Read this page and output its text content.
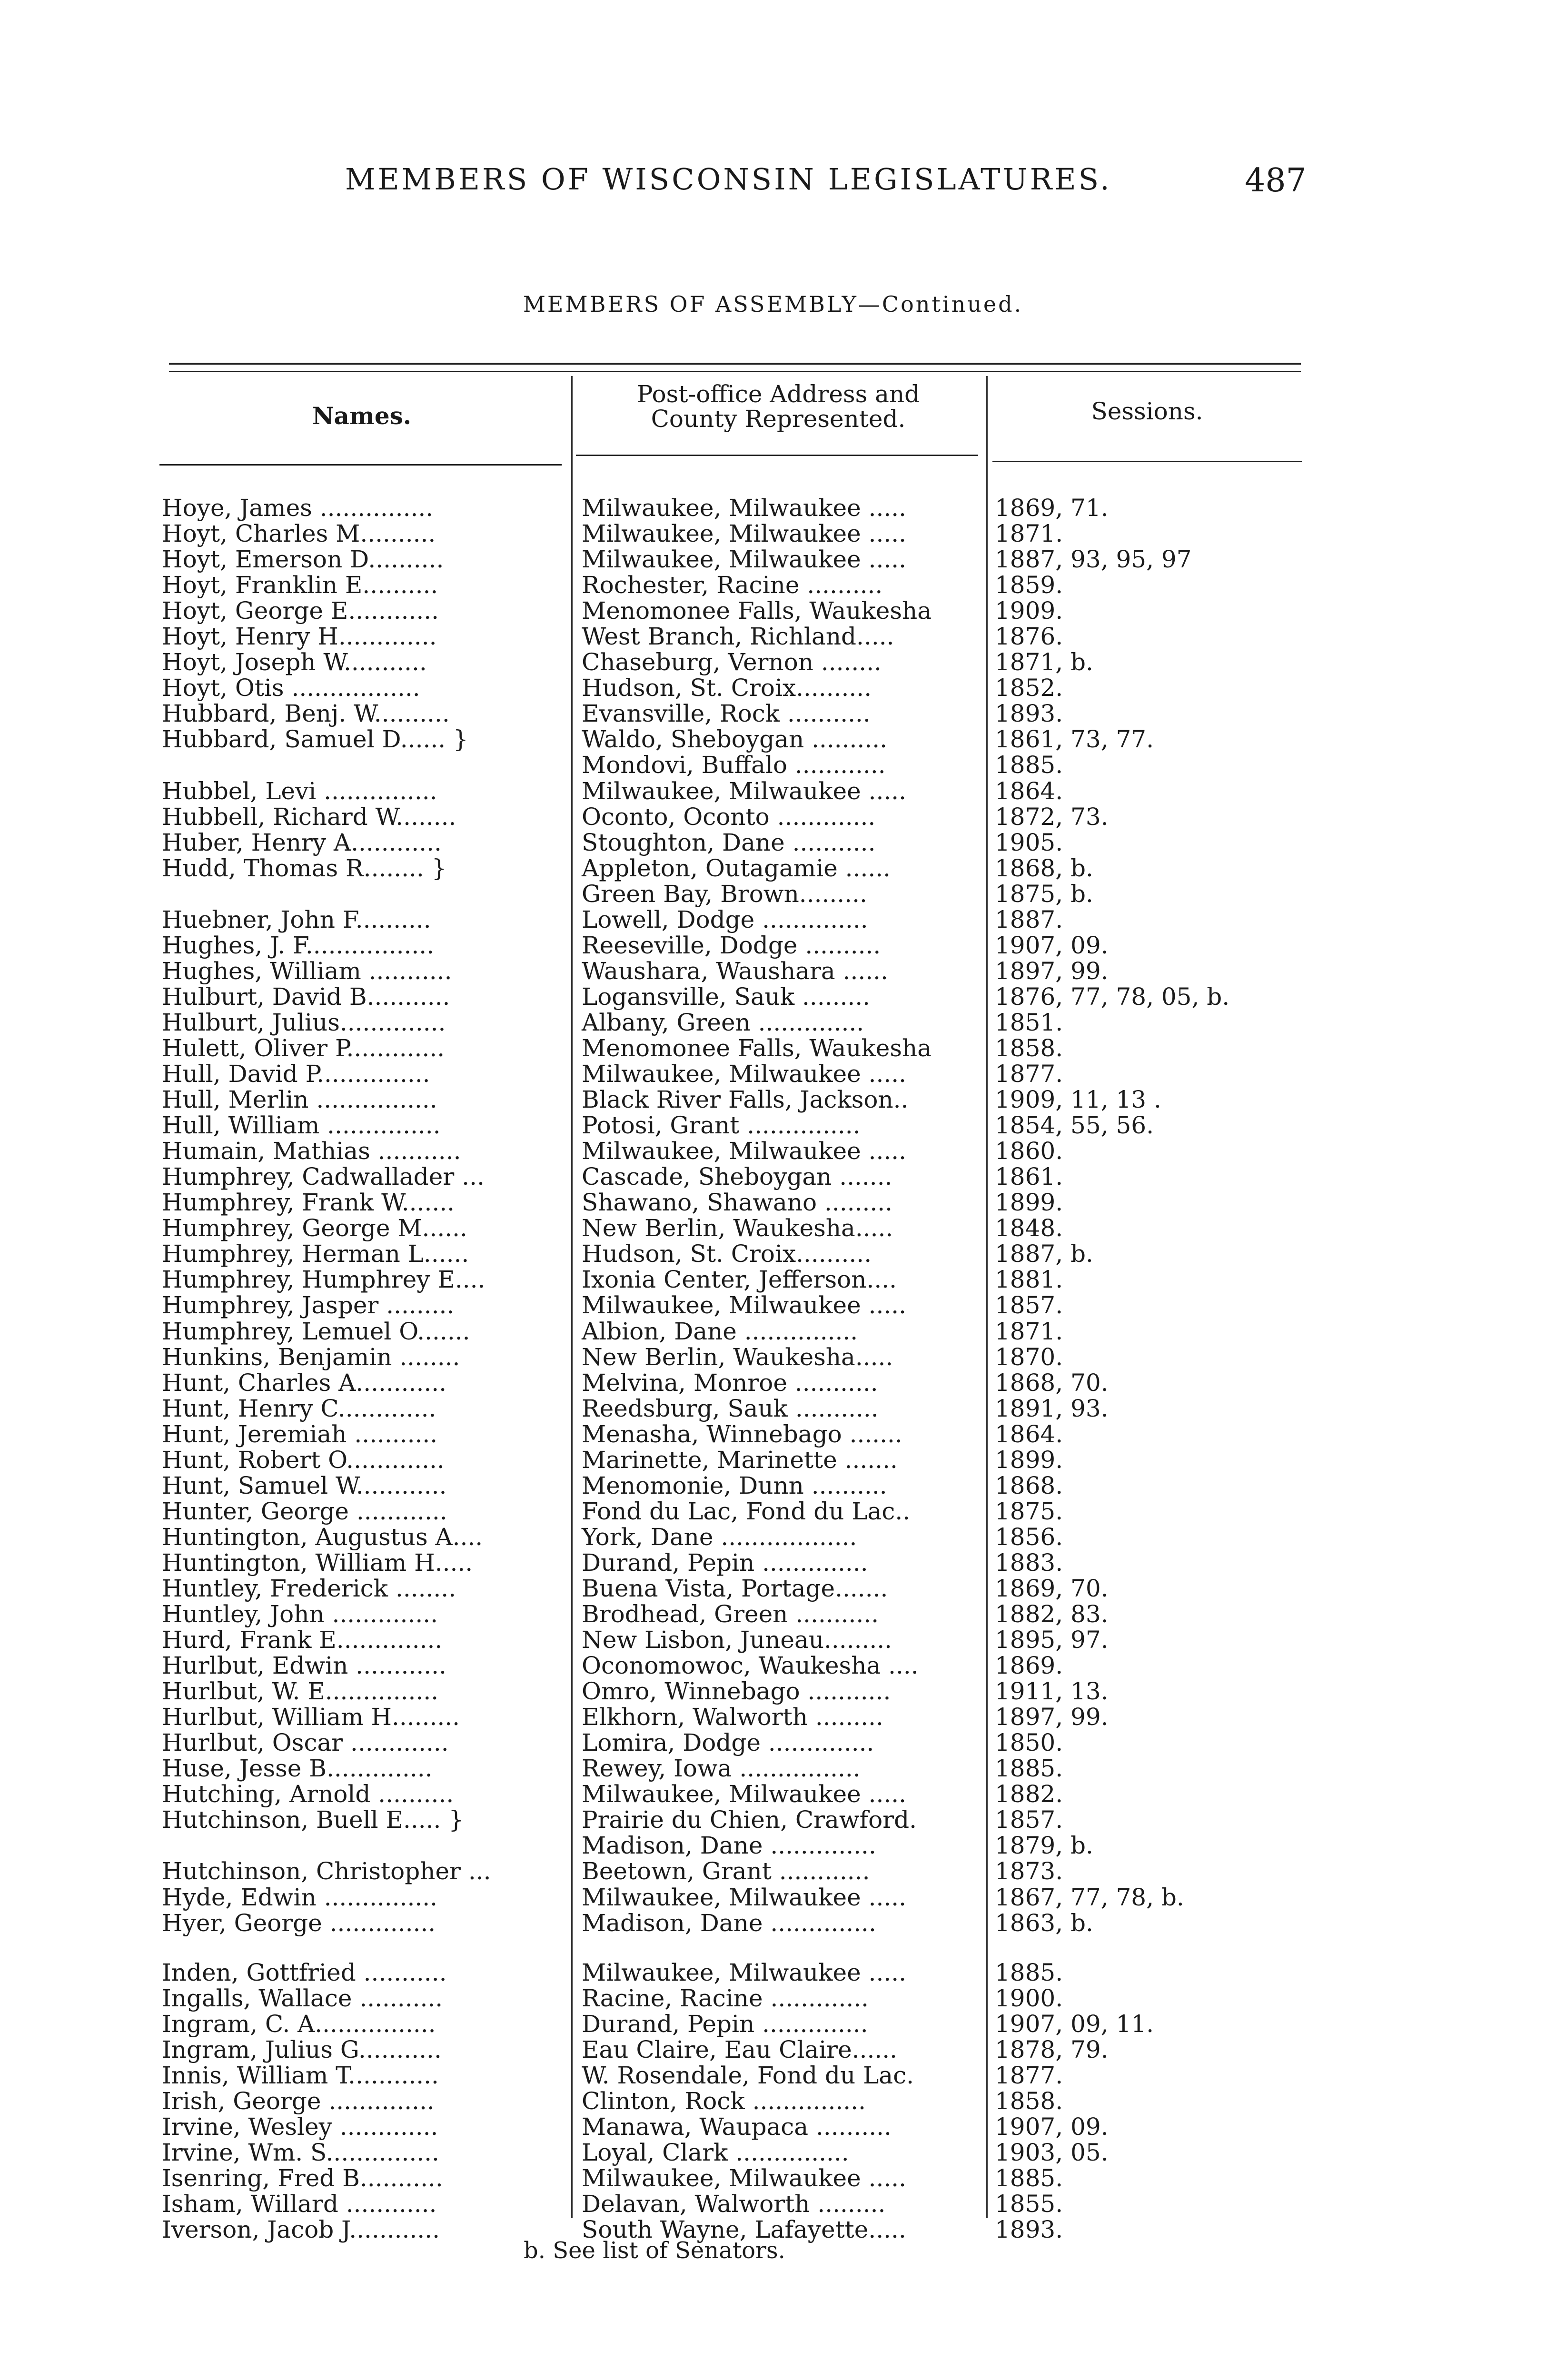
MEMBERS OF WISCONSIN LEGISLATURES.	487
MEMBERS OF ASSEMBLY—Continued.
Names.
Post-office Address and
County Represented.	Sessions.
Hoye, James ...............	Milwaukee, Milwaukee .....	1869, 71.
Hoyt, Charles M..........	Milwaukee, Milwaukee .....	1871.
Hoyt, Emerson D..........	Milwaukee, Milwaukee .....	1887, 93, 95, 97
Hoyt, Franklin E..........	Rochester, Racine ..........	1859.
Hoyt, George E............	Menomonee Falls, Waukesha	1909.
Hoyt, Henry H.............	West Branch, Richland.....	1876.
Hoyt, Joseph W...........	Chaseburg, Vernon ........	1871, b.
Hoyt, Otis .................	Hudson, St. Croix..........	1852.
Hubbard, Benj. W..........	Evansville, Rock ...........	1893.
Hubbard, Samuel D...... }	Waldo, Sheboygan ..........	1861, 73, 77.
Mondovi, Buffalo ............	1885.
Hubbel, Levi ...............	Milwaukee, Milwaukee .....	1864.
Hubbell, Richard W........	Oconto, Oconto .............	1872, 73.
Huber, Henry A............	Stoughton, Dane ...........	1905.
Hudd, Thomas R........ }	Appleton, Outagamie ......	1868, b.
Green Bay, Brown.........	1875, b.
Huebner, John F..........	Lowell, Dodge ..............	1887.
Hughes, J. F.................	Reeseville, Dodge ..........	1907, 09.
Hughes, William ...........	Waushara, Waushara ......	1897, 99.
Hulburt, David B...........	Logansville, Sauk .........	1876, 77, 78, 05, b.
Hulburt, Julius..............	Albany, Green ..............	1851.
Hulett, Oliver P.............	Menomonee Falls, Waukesha	1858.
Hull, David P...............	Milwaukee, Milwaukee .....	1877.
Hull, Merlin ................	Black River Falls, Jackson..	1909, 11, 13 .
Hull, William ...............	Potosi, Grant ...............	1854, 55, 56.
Humain, Mathias ...........	Milwaukee, Milwaukee .....	1860.
Humphrey, Cadwallader ...	Cascade, Sheboygan .......	1861.
Humphrey, Frank W.......	Shawano, Shawano .........	1899.
Humphrey, George M......	New Berlin, Waukesha.....	1848.
Humphrey, Herman L......	Hudson, St. Croix..........	1887, b.
Humphrey, Humphrey E....	Ixonia Center, Jefferson....	1881.
Humphrey, Jasper .........	Milwaukee, Milwaukee .....	1857.
Humphrey, Lemuel O.......	Albion, Dane ...............	1871.
Hunkins, Benjamin ........	New Berlin, Waukesha.....	1870.
Hunt, Charles A............	Melvina, Monroe ...........	1868, 70.
Hunt, Henry C.............	Reedsburg, Sauk ...........	1891, 93.
Hunt, Jeremiah ...........	Menasha, Winnebago .......	1864.
Hunt, Robert O.............	Marinette, Marinette .......	1899.
Hunt, Samuel W............	Menomonie, Dunn ..........	1868.
Hunter, George ............	Fond du Lac, Fond du Lac..	1875.
Huntington, Augustus A....	York, Dane ..................	1856.
Huntington, William H.....	Durand, Pepin ..............	1883.
Huntley, Frederick ........	Buena Vista, Portage.......	1869, 70.
Huntley, John ..............	Brodhead, Green ...........	1882, 83.
Hurd, Frank E..............	New Lisbon, Juneau.........	1895, 97.
Hurlbut, Edwin ............	Oconomowoc, Waukesha ....	1869.
Hurlbut, W. E...............	Omro, Winnebago ...........	1911, 13.
Hurlbut, William H.........	Elkhorn, Walworth .........	1897, 99.
Hurlbut, Oscar .............	Lomira, Dodge ..............	1850.
Huse, Jesse B..............	Rewey, Iowa ................	1885.
Hutching, Arnold ..........	Milwaukee, Milwaukee .....	1882.
Hutchinson, Buell E..... }	Prairie du Chien, Crawford.	1857.
Madison, Dane ..............	1879, b.
Hutchinson, Christopher ...	Beetown, Grant ............	1873.
Hyde, Edwin ...............	Milwaukee, Milwaukee .....	1867, 77, 78, b.
Hyer, George ..............	Madison, Dane ..............	1863, b.
Inden, Gottfried ...........	Milwaukee, Milwaukee .....	1885.
Ingalls, Wallace ...........	Racine, Racine .............	1900.
Ingram, C. A................	Durand, Pepin ..............	1907, 09, 11.
Ingram, Julius G...........	Eau Claire, Eau Claire......	1878, 79.
Innis, William T............	W. Rosendale, Fond du Lac.	1877.
Irish, George ..............	Clinton, Rock ...............	1858.
Irvine, Wesley .............	Manawa, Waupaca ..........	1907, 09.
Irvine, Wm. S...............	Loyal, Clark ...............	1903, 05.
Isenring, Fred B...........	Milwaukee, Milwaukee .....	1885.
Isham, Willard ............	Delavan, Walworth .........	1855.
Iverson, Jacob J............	South Wayne, Lafayette.....	1893.
b. See list of Senators.
